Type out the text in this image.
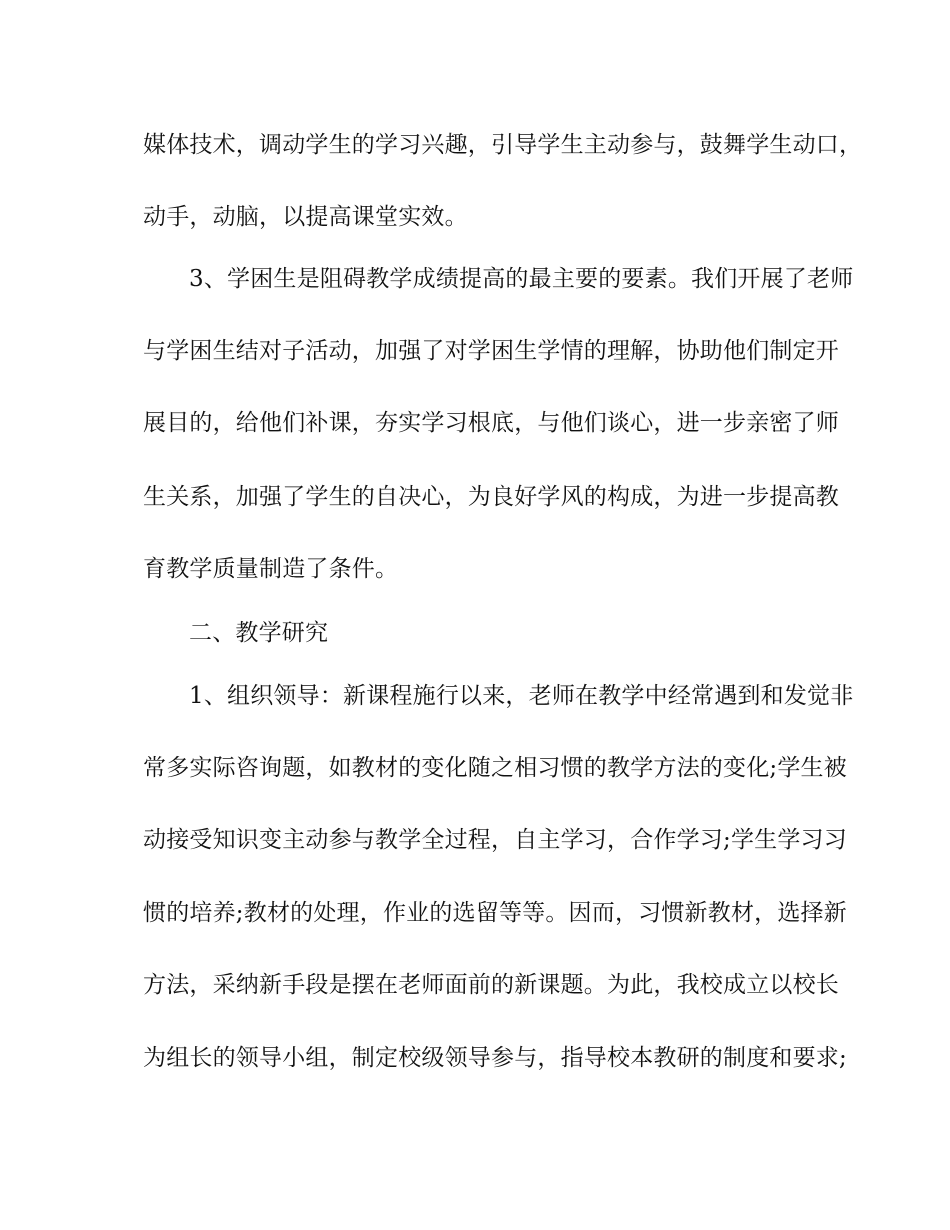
媒体技术，调动学生的学习兴趣，引导学生主动参与，鼓舞学生动口，
动手，动脑，以提高课堂实效。
3、学困生是阻碍教学成绩提高的最主要的要素。我们开展了老师
与学困生结对子活动，加强了对学困生学情的理解，协助他们制定开
展目的，给他们补课，夯实学习根底，与他们谈心，进一步亲密了师
生关系，加强了学生的自决心，为良好学风的构成，为进一步提高教
育教学质量制造了条件。
二、教学研究
1、组织领导：新课程施行以来，老师在教学中经常遇到和发觉非
常多实际咨询题，如教材的变化随之相习惯的教学方法的变化;学生被
动接受知识变主动参与教学全过程，自主学习，合作学习;学生学习习
惯的培养;教材的处理，作业的选留等等。因而，习惯新教材，选择新
方法，采纳新手段是摆在老师面前的新课题。为此，我校成立以校长
为组长的领导小组，制定校级领导参与，指导校本教研的制度和要求;
